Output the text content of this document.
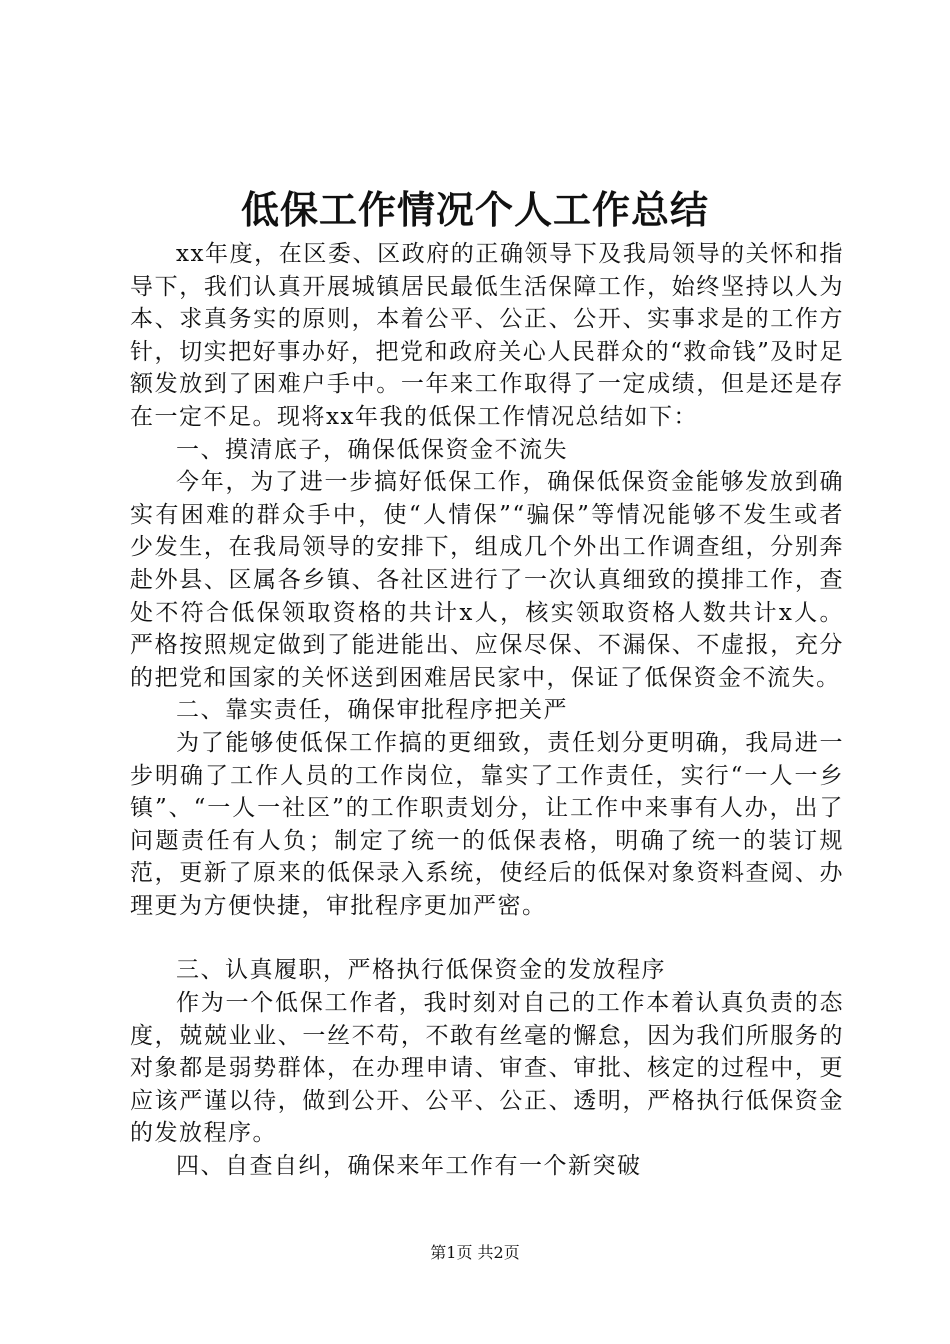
低保工作情况个人工作总结

xx年度，在区委、区政府的正确领导下及我局领导的关怀和指导下，我们认真开展城镇居民最低生活保障工作，始终坚持以人为本、求真务实的原则，本着公平、公正、公开、实事求是的工作方针，切实把好事办好，把党和政府关心人民群众的“救命钱”及时足额发放到了困难户手中。一年来工作取得了一定成绩，但是还是存在一定不足。现将xx年我的低保工作情况总结如下：

一、摸清底子，确保低保资金不流失

今年，为了进一步搞好低保工作，确保低保资金能够发放到确实有困难的群众手中，使“人情保”“骗保”等情况能够不发生或者少发生，在我局领导的安排下，组成几个外出工作调查组，分别奔赴外县、区属各乡镇、各社区进行了一次认真细致的摸排工作，查处不符合低保领取资格的共计x人，核实领取资格人数共计x人。严格按照规定做到了能进能出、应保尽保、不漏保、不虚报，充分的把党和国家的关怀送到困难居民家中，保证了低保资金不流失。

二、靠实责任，确保审批程序把关严

为了能够使低保工作搞的更细致，责任划分更明确，我局进一步明确了工作人员的工作岗位，靠实了工作责任，实行“一人一乡镇”、“一人一社区”的工作职责划分，让工作中来事有人办，出了问题责任有人负；制定了统一的低保表格，明确了统一的装订规范，更新了原来的低保录入系统，使经后的低保对象资料查阅、办理更为方便快捷，审批程序更加严密。

三、认真履职，严格执行低保资金的发放程序

作为一个低保工作者，我时刻对自己的工作本着认真负责的态度，兢兢业业、一丝不苟，不敢有丝毫的懈怠，因为我们所服务的对象都是弱势群体，在办理申请、审查、审批、核定的过程中，更应该严谨以待，做到公开、公平、公正、透明，严格执行低保资金的发放程序。

四、自查自纠，确保来年工作有一个新突破

第1页 共2页
